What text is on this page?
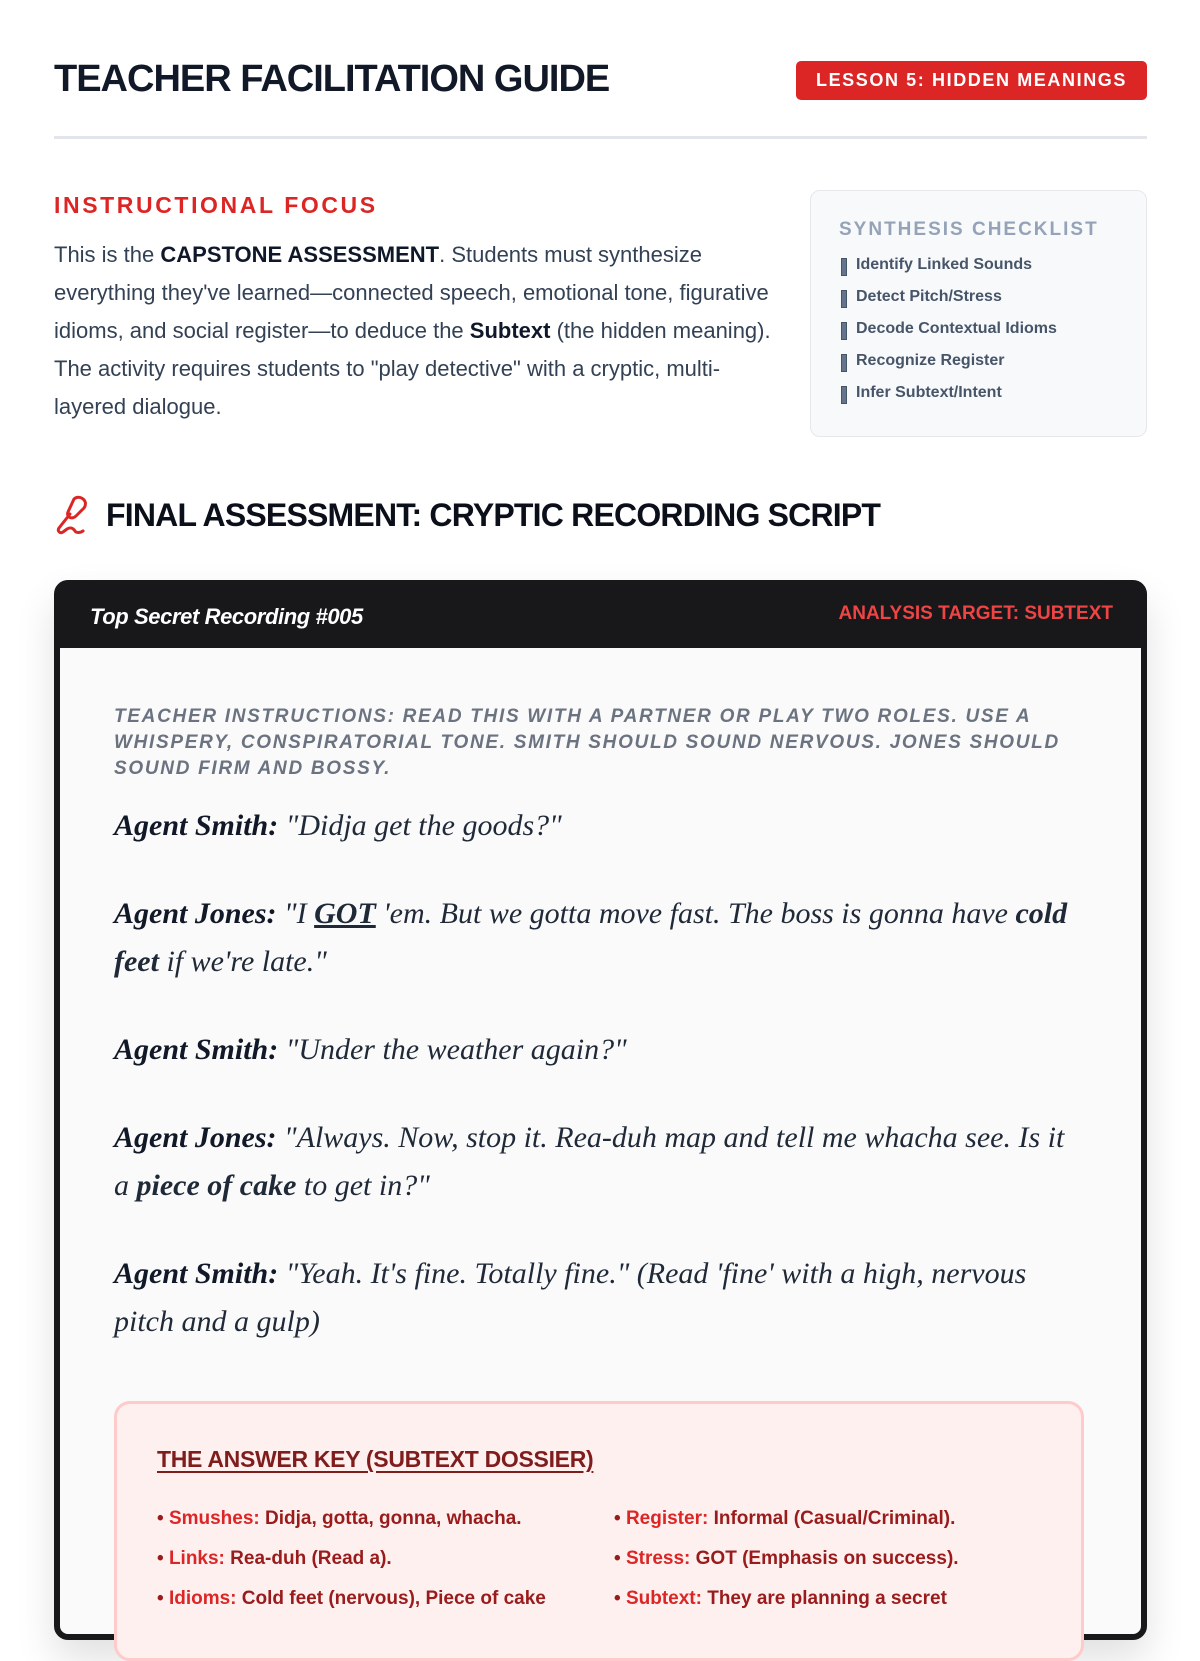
TEACHER FACILITATION GUIDE	LESSON 5: HIDDEN MEANINGS
INSTRUCTIONAL FOCUS

This is the CAPSTONE ASSESSMENT. Students must synthesize everything they've learned—connected speech, emotional tone, figurative idioms, and social register—to deduce the Subtext (the hidden meaning). The activity requires students to "play detective" with a cryptic, multi-layered dialogue.

SYNTHESIS CHECKLIST
Identify Linked Sounds
Detect Pitch/Stress
Decode Contextual Idioms
Recognize Register
Infer Subtext/Intent
FINAL ASSESSMENT: CRYPTIC RECORDING SCRIPT
Top Secret Recording #005	ANALYSIS TARGET: SUBTEXT

TEACHER INSTRUCTIONS: READ THIS WITH A PARTNER OR PLAY TWO ROLES. USE A WHISPERY, CONSPIRATORIAL TONE. SMITH SHOULD SOUND NERVOUS. JONES SHOULD SOUND FIRM AND BOSSY.

Agent Smith: "Didja get the goods?"

Agent Jones: "I GOT 'em. But we gotta move fast. The boss is gonna have cold feet if we're late."

Agent Smith: "Under the weather again?"

Agent Jones: "Always. Now, stop it. Rea-duh map and tell me whacha see. Is it a piece of cake to get in?"

Agent Smith: "Yeah. It's fine. Totally fine." (Read 'fine' with a high, nervous pitch and a gulp)

THE ANSWER KEY (SUBTEXT DOSSIER)
• Smushes: Didja, gotta, gonna, whacha.	• Register: Informal (Casual/Criminal).
• Links: Rea-duh (Read a).	• Stress: GOT (Emphasis on success).
• Idioms: Cold feet (nervous), Piece of cake	• Subtext: They are planning a secret
